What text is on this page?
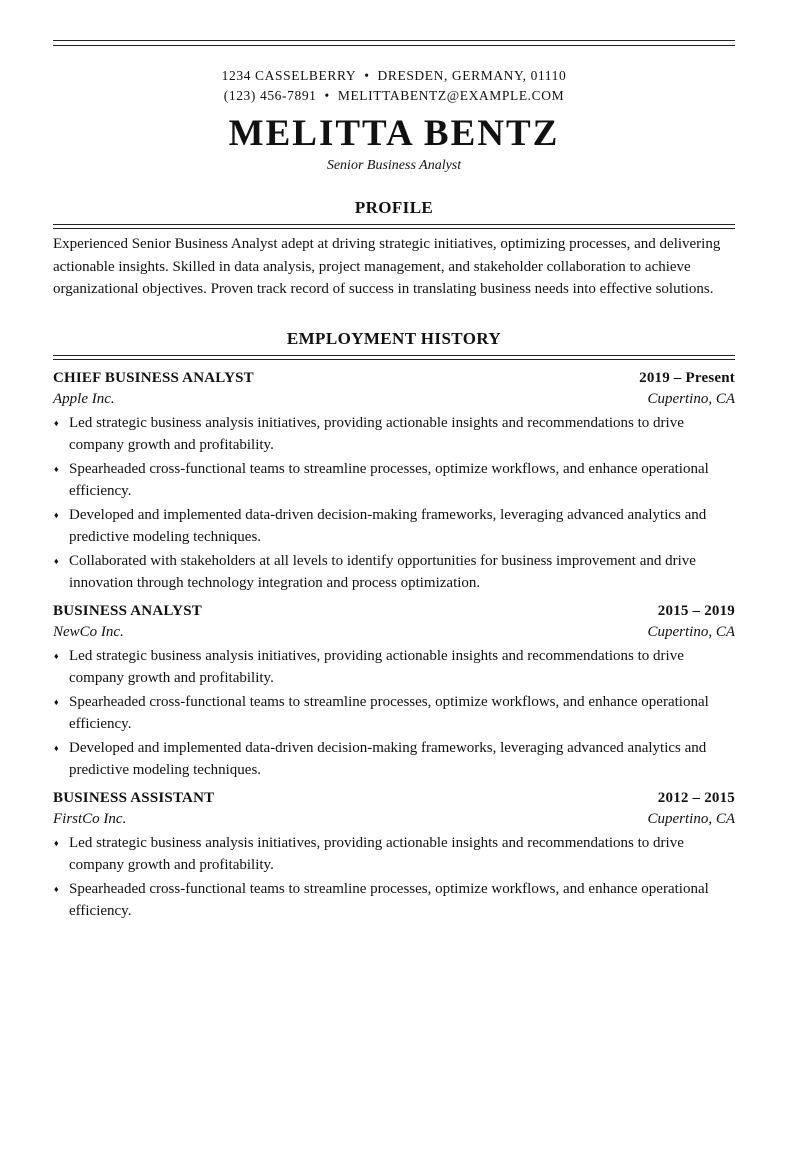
1234 CASSELBERRY • DRESDEN, GERMANY, 01110
(123) 456-7891 • MELITTABENTZ@EXAMPLE.COM
MELITTA BENTZ
Senior Business Analyst
PROFILE
Experienced Senior Business Analyst adept at driving strategic initiatives, optimizing processes, and delivering actionable insights. Skilled in data analysis, project management, and stakeholder collaboration to achieve organizational objectives. Proven track record of success in translating business needs into effective solutions.
EMPLOYMENT HISTORY
CHIEF BUSINESS ANALYST	2019 – Present
Apple Inc.	Cupertino, CA
♦ Led strategic business analysis initiatives, providing actionable insights and recommendations to drive company growth and profitability.
♦ Spearheaded cross-functional teams to streamline processes, optimize workflows, and enhance operational efficiency.
♦ Developed and implemented data-driven decision-making frameworks, leveraging advanced analytics and predictive modeling techniques.
♦ Collaborated with stakeholders at all levels to identify opportunities for business improvement and drive innovation through technology integration and process optimization.
BUSINESS ANALYST	2015 – 2019
NewCo Inc.	Cupertino, CA
♦ Led strategic business analysis initiatives, providing actionable insights and recommendations to drive company growth and profitability.
♦ Spearheaded cross-functional teams to streamline processes, optimize workflows, and enhance operational efficiency.
♦ Developed and implemented data-driven decision-making frameworks, leveraging advanced analytics and predictive modeling techniques.
BUSINESS ASSISTANT	2012 – 2015
FirstCo Inc.	Cupertino, CA
♦ Led strategic business analysis initiatives, providing actionable insights and recommendations to drive company growth and profitability.
♦ Spearheaded cross-functional teams to streamline processes, optimize workflows, and enhance operational efficiency.
